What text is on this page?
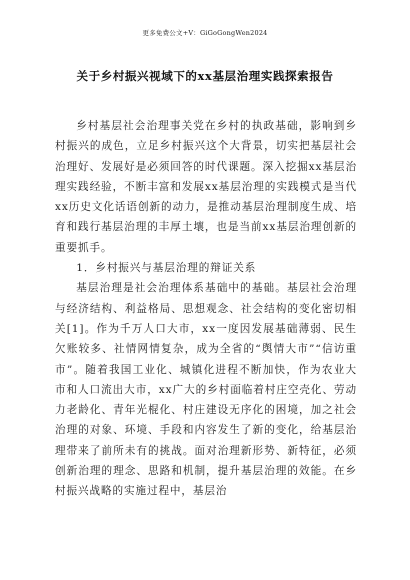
更多免费公文+V：GiGoGongWen2024
关于乡村振兴视域下的xx基层治理实践探索报告

乡村基层社会治理事关党在乡村的执政基础，影响到乡村振兴的成色，立足乡村振兴这个大背景，切实把基层社会治理好、发展好是必须回答的时代课题。深入挖掘xx基层治理实践经验，不断丰富和发展xx基层治理的实践模式是当代xx历史文化话语创新的动力，是推动基层治理制度生成、培育和践行基层治理的丰厚土壤，也是当前xx基层治理创新的重要抓手。

1．乡村振兴与基层治理的辩证关系

基层治理是社会治理体系基础中的基础。基层社会治理与经济结构、利益格局、思想观念、社会结构的变化密切相关[1]。作为千万人口大市，xx一度因发展基础薄弱、民生欠账较多、社情网情复杂，成为全省的“舆情大市”“信访重市”。随着我国工业化、城镇化进程不断加快，作为农业大市和人口流出大市，xx广大的乡村面临着村庄空壳化、劳动力老龄化、青年光棍化、村庄建设无序化的困境，加之社会治理的对象、环境、手段和内容发生了新的变化，给基层治理带来了前所未有的挑战。面对治理新形势、新特征，必须创新治理的理念、思路和机制，提升基层治理的效能。在乡村振兴战略的实施过程中，基层治
